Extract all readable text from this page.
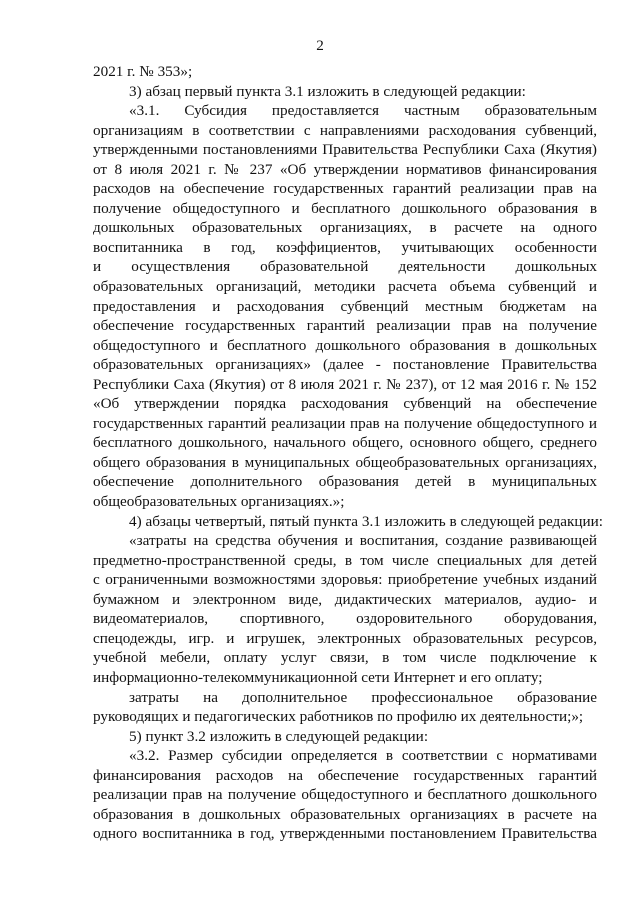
2
2021 г. № 353»;
3) абзац первый пункта 3.1 изложить в следующей редакции:
«3.1. Субсидия предоставляется частным образовательным
организациям в соответствии с направлениями расходования субвенций,
утвержденными постановлениями Правительства Республики Саха (Якутия)
от 8 июля 2021 г. № 237 «Об утверждении нормативов финансирования
расходов на обеспечение государственных гарантий реализации прав на
получение общедоступного и бесплатного дошкольного образования в
дошкольных образовательных организациях, в расчете на одного
воспитанника в год, коэффициентов, учитывающих особенности
и осуществления образовательной деятельности дошкольных
образовательных организаций, методики расчета объема субвенций и
предоставления и расходования субвенций местным бюджетам на
обеспечение государственных гарантий реализации прав на получение
общедоступного и бесплатного дошкольного образования в дошкольных
образовательных организациях» (далее - постановление Правительства
Республики Саха (Якутия) от 8 июля 2021 г. № 237), от 12 мая 2016 г. № 152
«Об утверждении порядка расходования субвенций на обеспечение
государственных гарантий реализации прав на получение общедоступного и
бесплатного дошкольного, начального общего, основного общего, среднего
общего образования в муниципальных общеобразовательных организациях,
обеспечение дополнительного образования детей в муниципальных
общеобразовательных организациях.»;
4) абзацы четвертый, пятый пункта 3.1 изложить в следующей редакции:
«затраты на средства обучения и воспитания, создание развивающей
предметно-пространственной среды, в том числе специальных для детей
с ограниченными возможностями здоровья: приобретение учебных изданий
бумажном и электронном виде, дидактических материалов, аудио- и
видеоматериалов, спортивного, оздоровительного оборудования,
спецодежды, игр. и игрушек, электронных образовательных ресурсов,
учебной мебели, оплату услуг связи, в том числе подключение к
информационно-телекоммуникационной сети Интернет и его оплату;
затраты на дополнительное профессиональное образование
руководящих и педагогических работников по профилю их деятельности;»;
5) пункт 3.2 изложить в следующей редакции:
«3.2. Размер субсидии определяется в соответствии с нормативами
финансирования расходов на обеспечение государственных гарантий
реализации прав на получение общедоступного и бесплатного дошкольного
образования в дошкольных образовательных организациях в расчете на
одного воспитанника в год, утвержденными постановлением Правительства
